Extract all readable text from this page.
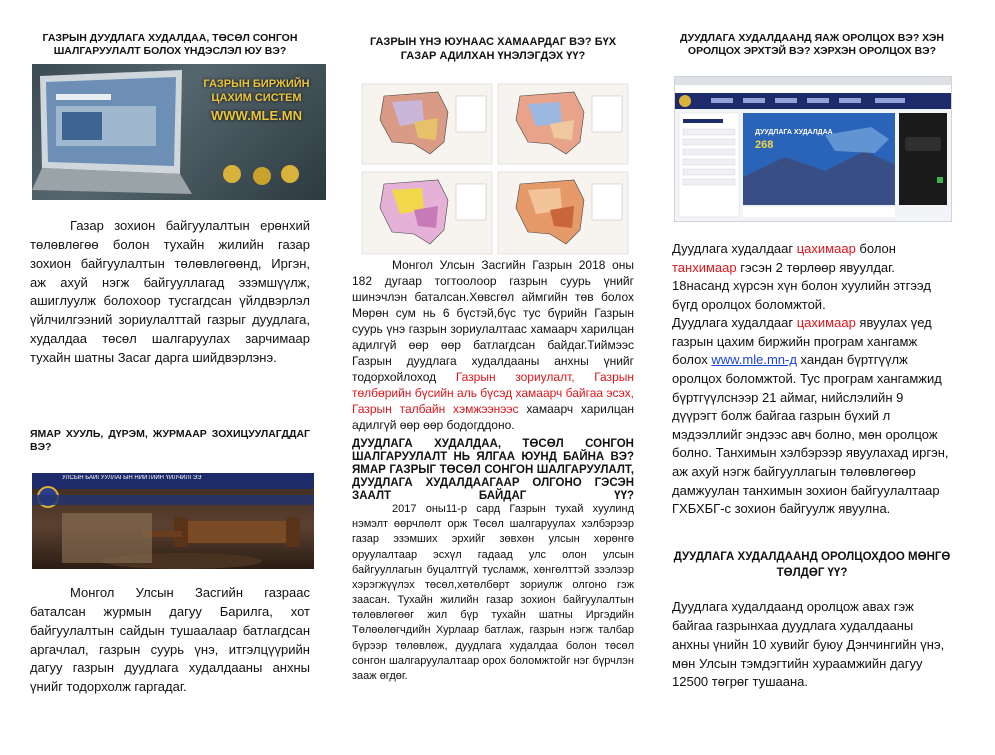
ГАЗРЫН ДУУДЛАГА ХУДАЛДАА, ТӨСӨЛ СОНГОН ШАЛГАРУУЛАЛТ БОЛОХ ҮНДЭСЛЭЛ ЮУ ВЭ?
ГАЗРЫН БИРЖИЙН
ЦАХИМ СИСТЕМ
WWW.MLE.MN

Газар зохион байгуулалтын ерөнхий төлөвлөгөө болон тухайн жилийн газар зохион байгуулалтын төлөвлөгөөнд, Иргэн, аж ахуй нэгж байгууллагад эзэмшүүлж, ашиглуулж болохоор тусгагдсан үйлдвэрлэл үйлчилгээний зориулалттай газрыг дуудлага, худалдаа төсөл шалгаруулах зарчимаар тухайн шатны Засаг дарга шийдвэрлэнэ.

ЯМАР ХУУЛЬ, ДҮРЭМ, ЖУРМААР ЗОХИЦУУЛАГДДАГ ВЭ?
УЛСЫН БАЙГУУЛЛАГЫН НИЙТИЙН ҮЙЛЧИЛГЭЭ

Монгол Улсын Засгийн газраас баталсан журмын дагуу Барилга, хот байгуулалтын сайдын тушаалаар батлагдсан аргачлал, газрын суурь үнэ, итгэлцүүрийн дагуу газрын дуудлага худалдааны анхны үнийг тодорхолж гаргадаг.

ГАЗРЫН ҮНЭ ЮУНААС ХАМААРДАГ ВЭ? БҮХ ГАЗАР АДИЛХАН ҮНЭЛЭГДЭХ ҮҮ?

Монгол Улсын Засгийн Газрын 2018 оны 182 дугаар тогтоолоор газрын суурь үнийг шинэчлэн баталсан.Хөвсгөл аймгийн төв болох Мөрөн сум нь 6 бүстэй,бүс тус бүрийн Газрын суурь үнэ газрын зориулалтаас хамаарч харилцан адилгүй өөр өөр батлагдсан байдаг.Тиймээс Газрын дуудлага худалдааны анхны үнийг тодорхойлоход Газрын зориулалт, Газрын төлбөрийн бүсийн аль бүсэд хамаарч байгаа эсэх, Газрын талбайн хэмжээнээс хамаарч харилцан адилгүй өөр өөр бодогддоно.

ДУУДЛАГА ХУДАЛДАА, ТӨСӨЛ СОНГОН ШАЛГАРУУЛАЛТ НЬ ЯЛГАА ЮУНД БАЙНА ВЭ? ЯМАР ГАЗРЫГ ТӨСӨЛ СОНГОН ШАЛГАРУУЛАЛТ, ДУУДЛАГА ХУДАЛДААГААР ОЛГОНО ГЭСЭН ЗААЛТ БАЙДАГ ҮҮ?

2017 оны11-р сард Газрын тухай хуулинд нэмэлт өөрчлөлт орж Төсөл шалгаруулах хэлбэрээр газар эзэмших эрхийг зөвхөн улсын хөрөнгө оруулалтаар эсхүл гадаад улс олон улсын байгууллагын буцалтгүй тусламж, хөнгөлттэй зээлээр хэрэгжүүлэх төсөл,хөтөлбөрт зориулж олгоно гэж заасан. Тухайн жилийн газар зохион байгуулалтын төлөвлөгөөг жил бүр тухайн шатны Иргэдийн Төлөөлөгчдийн Хурлаар батлаж, газрын нэгж талбар бүрээр төлөвлөж, дуудлага худалдаа болон төсөл сонгон шалгаруулалтаар орох боломжтойг нэг бүрчлэн зааж өгдөг.

ДУУДЛАГА ХУДАЛДААНД ЯАЖ ОРОЛЦОХ ВЭ? ХЭН ОРОЛЦОХ ЭРХТЭЙ ВЭ? ХЭРХЭН ОРОЛЦОХ ВЭ?
ДУУДЛАГА ХУДАЛДАА
268

Дуудлага худалдааг цахимаар болон танхимаар гэсэн 2 төрлөөр явуулдаг. 18насанд хүрсэн хүн болон хуулийн этгээд бүгд оролцох боломжтой.
Дуудлага худалдааг цахимаар явуулах үед газрын цахим биржийн програм хангамж болох www.mle.mn-д хандан бүртгүүлж оролцох боломжтой. Тус програм хангамжид бүртгүүлснээр 21 аймаг, нийслэлийн 9 дүүрэгт болж байгаа газрын бүхий л мэдээллийг эндээс авч болно, мөн оролцож болно. Танхимын хэлбэрээр явуулахад иргэн, аж ахуй нэгж байгууллагын төлөвлөгөөр дамжуулан танхимын зохион байгуулалтаар ГХБХБГ-с зохион байгуулж явуулна.

ДУУДЛАГА ХУДАЛДААНД ОРОЛЦОХДОО МӨНГӨ ТӨЛДӨГ ҮҮ?

Дуудлага худалдаанд оролцож авах гэж байгаа газрынхаа дуудлага худалдааны анхны үнийн 10 хувийг буюу Дэнчингийн үнэ, мөн Улсын тэмдэгтийн хураамжийн дагуу 12500 төгрөг тушаана.
